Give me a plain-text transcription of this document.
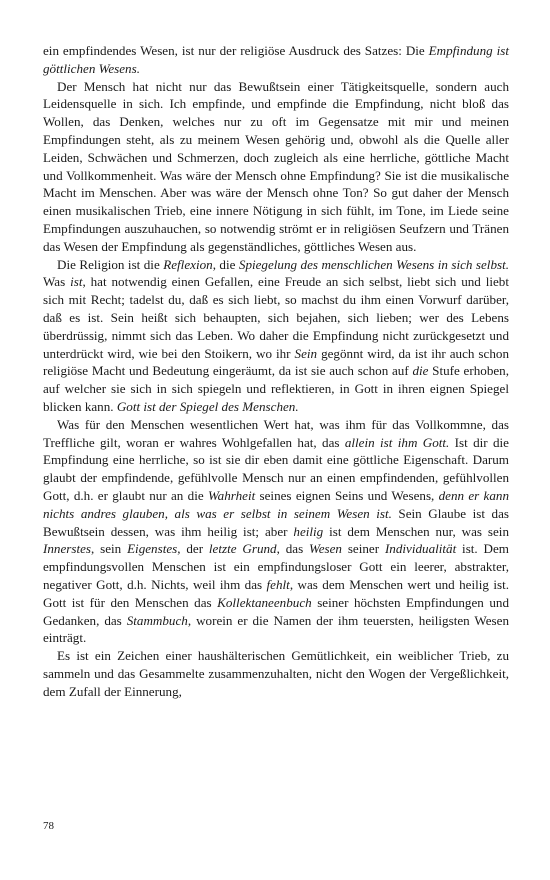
ein empfindendes Wesen, ist nur der religiöse Ausdruck des Satzes: Die Empfindung ist göttlichen Wesens.

Der Mensch hat nicht nur das Bewußtsein einer Tätigkeitsquelle, sondern auch Leidensquelle in sich. Ich empfinde, und empfinde die Empfindung, nicht bloß das Wollen, das Denken, welches nur zu oft im Gegensatze mit mir und meinen Empfindungen steht, als zu meinem Wesen gehörig und, obwohl als die Quelle aller Leiden, Schwächen und Schmerzen, doch zugleich als eine herrliche, göttliche Macht und Vollkommenheit. Was wäre der Mensch ohne Empfindung? Sie ist die musikalische Macht im Menschen. Aber was wäre der Mensch ohne Ton? So gut daher der Mensch einen musikalischen Trieb, eine innere Nötigung in sich fühlt, im Tone, im Liede seine Empfindungen auszuhauchen, so notwendig strömt er in religiösen Seufzern und Tränen das Wesen der Empfindung als gegenständliches, göttliches Wesen aus.

Die Religion ist die Reflexion, die Spiegelung des menschlichen Wesens in sich selbst. Was ist, hat notwendig einen Gefallen, eine Freude an sich selbst, liebt sich und liebt sich mit Recht; tadelst du, daß es sich liebt, so machst du ihm einen Vorwurf darüber, daß es ist. Sein heißt sich behaupten, sich bejahen, sich lieben; wer des Lebens überdrüssig, nimmt sich das Leben. Wo daher die Empfindung nicht zurückgesetzt und unterdrückt wird, wie bei den Stoikern, wo ihr Sein gegönnt wird, da ist ihr auch schon religiöse Macht und Bedeutung eingeräumt, da ist sie auch schon auf die Stufe erhoben, auf welcher sie sich in sich spiegeln und reflektieren, in Gott in ihren eignen Spiegel blicken kann. Gott ist der Spiegel des Menschen.

Was für den Menschen wesentlichen Wert hat, was ihm für das Vollkommne, das Treffliche gilt, woran er wahres Wohlgefallen hat, das allein ist ihm Gott. Ist dir die Empfindung eine herrliche, so ist sie dir eben damit eine göttliche Eigenschaft. Darum glaubt der empfindende, gefühlvolle Mensch nur an einen empfindenden, gefühlvollen Gott, d.h. er glaubt nur an die Wahrheit seines eignen Seins und Wesens, denn er kann nichts andres glauben, als was er selbst in seinem Wesen ist. Sein Glaube ist das Bewußtsein dessen, was ihm heilig ist; aber heilig ist dem Menschen nur, was sein Innerstes, sein Eigenstes, der letzte Grund, das Wesen seiner Individualität ist. Dem empfindungsvollen Menschen ist ein empfindungsloser Gott ein leerer, abstrakter, negativer Gott, d.h. Nichts, weil ihm das fehlt, was dem Menschen wert und heilig ist. Gott ist für den Menschen das Kollektaneenbuch seiner höchsten Empfindungen und Gedanken, das Stammbuch, worein er die Namen der ihm teuersten, heiligsten Wesen einträgt.

Es ist ein Zeichen einer haushälterischen Gemütlichkeit, ein weiblicher Trieb, zu sammeln und das Gesammelte zusammenzuhalten, nicht den Wogen der Vergeßlichkeit, dem Zufall der Einnerung,

78
